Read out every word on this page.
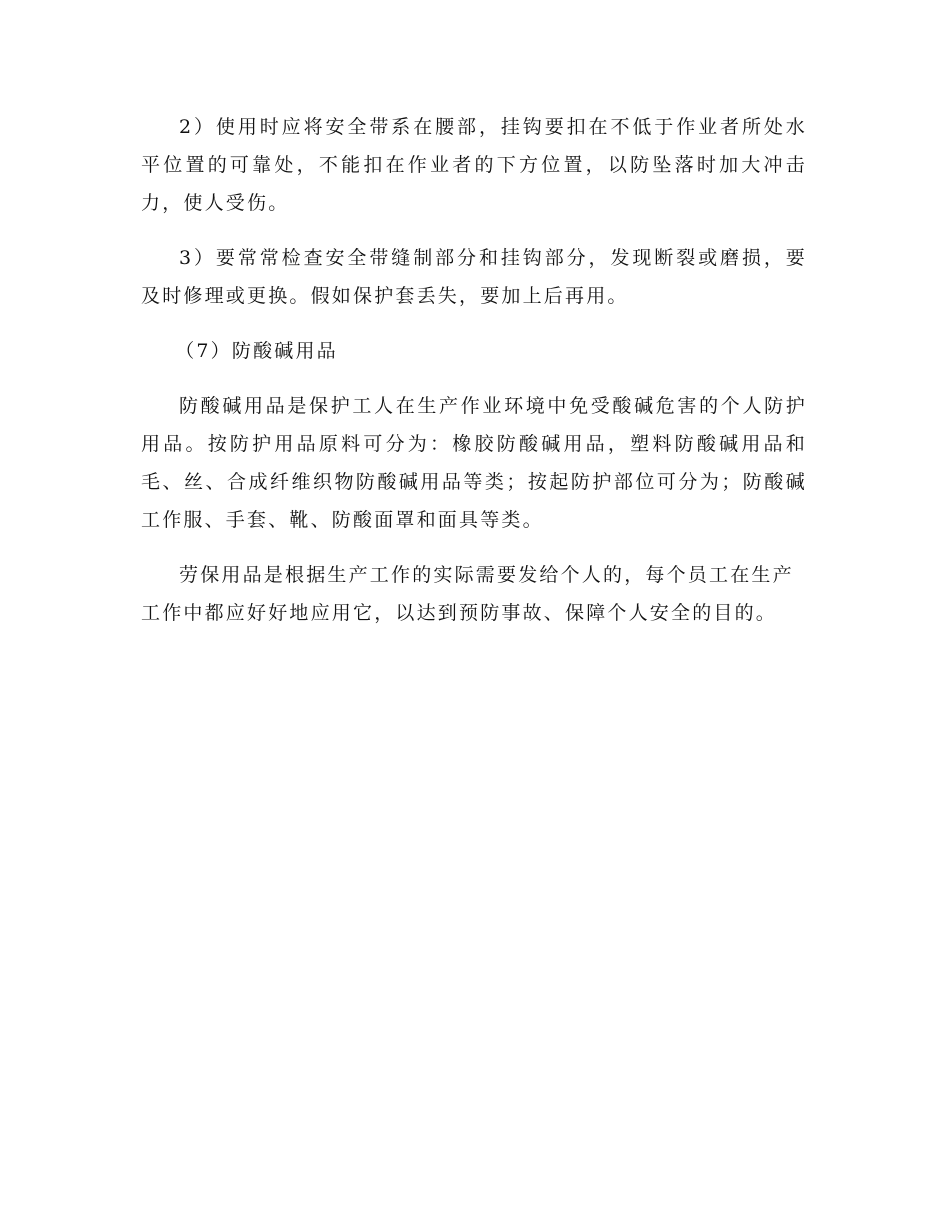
2）使用时应将安全带系在腰部，挂钩要扣在不低于作业者所处水平位置的可靠处，不能扣在作业者的下方位置，以防坠落时加大冲击力，使人受伤。

3）要常常检查安全带缝制部分和挂钩部分，发现断裂或磨损，要及时修理或更换。假如保护套丢失，要加上后再用。

（7）防酸碱用品

防酸碱用品是保护工人在生产作业环境中免受酸碱危害的个人防护用品。按防护用品原料可分为：橡胶防酸碱用品，塑料防酸碱用品和毛、丝、合成纤维织物防酸碱用品等类；按起防护部位可分为；防酸碱工作服、手套、靴、防酸面罩和面具等类。

劳保用品是根据生产工作的实际需要发给个人的，每个员工在生产工作中都应好好地应用它，以达到预防事故、保障个人安全的目的。
